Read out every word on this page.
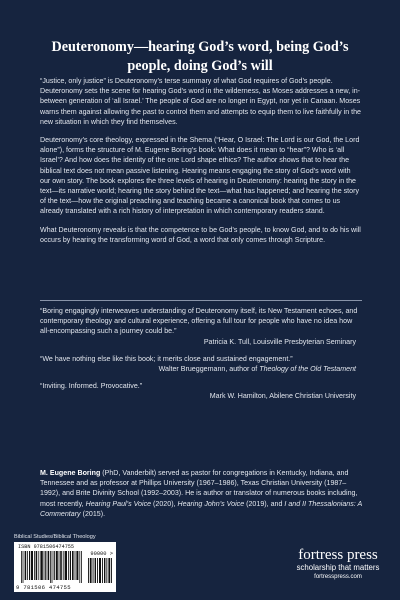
Deuteronomy—hearing God’s word, being God’s people, doing God’s will

“Justice, only justice” is Deuteronomy’s terse summary of what God requires of God’s people. Deuteronomy sets the scene for hearing God’s word in the wilderness, as Moses addresses a new, in-between generation of ‘all Israel.’ The people of God are no longer in Egypt, nor yet in Canaan. Moses warns them against allowing the past to control them and attempts to equip them to live faithfully in the new situation in which they find themselves.

Deuteronomy’s core theology, expressed in the Shema (“Hear, O Israel: The Lord is our God, the Lord alone”), forms the structure of M. Eugene Boring’s book: What does it mean to “hear”? Who is ‘all Israel’? And how does the identity of the one Lord shape ethics? The author shows that to hear the biblical text does not mean passive listening. Hearing means engaging the story of God’s word with our own story. The book explores the three levels of hearing in Deuteronomy: hearing the story in the text—its narrative world; hearing the story behind the text—what has happened; and hearing the story of the text—how the original preaching and teaching became a canonical book that comes to us already translated with a rich history of interpretation in which contemporary readers stand.

What Deuteronomy reveals is that the competence to be God’s people, to know God, and to do his will occurs by hearing the transforming word of God, a word that only comes through Scripture.

“Boring engagingly interweaves understanding of Deuteronomy itself, its New Testament echoes, and contemporary theology and cultural experience, offering a full tour for people who have no idea how all-encompassing such a journey could be.”

Patricia K. Tull, Louisville Presbyterian Seminary

“We have nothing else like this book; it merits close and sustained engagement.”

Walter Brueggemann, author of Theology of the Old Testament

“Inviting. Informed. Provocative.”

Mark W. Hamilton, Abilene Christian University

M. Eugene Boring (PhD, Vanderbilt) served as pastor for congregations in Kentucky, Indiana, and Tennessee and as professor at Phillips University (1967–1986), Texas Christian University (1987–1992), and Brite Divinity School (1992–2003). He is author or translator of numerous books including, most recently, Hearing Paul’s Voice (2020), Hearing John’s Voice (2019), and I and II Thessalonians: A Commentary (2015).

Biblical Studies/Biblical Theology
ISBN 9781506474755
90000 >
9 781506 474755
fortress press
scholarship that matters
fortresspress.com
